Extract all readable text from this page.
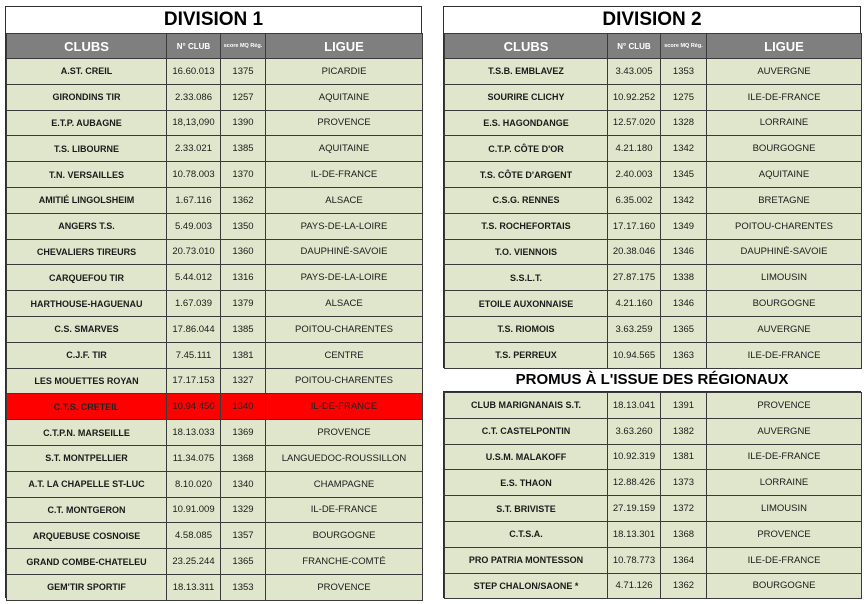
DIVISION 1
CLUBS	N° CLUB	score MQ Rég.	LIGUE
A.ST. CREIL	16.60.013	1375	PICARDIE
GIRONDINS TIR	2.33.086	1257	AQUITAINE
E.T.P. AUBAGNE	18,13,090	1390	PROVENCE
T.S. LIBOURNE	2.33.021	1385	AQUITAINE
T.N. VERSAILLES	10.78.003	1370	IL-DE-FRANCE
AMITIÉ LINGOLSHEIM	1.67.116	1362	ALSACE
ANGERS T.S.	5.49.003	1350	PAYS-DE-LA-LOIRE
CHEVALIERS TIREURS	20.73.010	1360	DAUPHINÉ-SAVOIE
CARQUEFOU TIR	5.44.012	1316	PAYS-DE-LA-LOIRE
HARTHOUSE-HAGUENAU	1.67.039	1379	ALSACE
C.S. SMARVES	17.86.044	1385	POITOU-CHARENTES
C.J.F. TIR	7.45.111	1381	CENTRE
LES MOUETTES ROYAN	17.17.153	1327	POITOU-CHARENTES
C.T.S. CRETEIL	10.94.450	1340	IL-DE-FRANCE
C.T.P.N. MARSEILLE	18.13.033	1369	PROVENCE
S.T. MONTPELLIER	11.34.075	1368	LANGUEDOC-ROUSSILLON
A.T. LA CHAPELLE ST-LUC	8.10.020	1340	CHAMPAGNE
C.T. MONTGERON	10.91.009	1329	IL-DE-FRANCE
ARQUEBUSE COSNOISE	4.58.085	1357	BOURGOGNE
GRAND COMBE-CHATELEU	23.25.244	1365	FRANCHE-COMTÉ
GEM'TIR SPORTIF	18.13.311	1353	PROVENCE
DIVISION 2
CLUBS	N° CLUB	score MQ Rég.	LIGUE
T.S.B. EMBLAVEZ	3.43.005	1353	AUVERGNE
SOURIRE CLICHY	10.92.252	1275	ILE-DE-FRANCE
E.S. HAGONDANGE	12.57.020	1328	LORRAINE
C.T.P. CÔTE D'OR	4.21.180	1342	BOURGOGNE
T.S. CÔTE D'ARGENT	2.40.003	1345	AQUITAINE
C.S.G. RENNES	6.35.002	1342	BRETAGNE
T.S. ROCHEFORTAIS	17.17.160	1349	POITOU-CHARENTES
T.O. VIENNOIS	20.38.046	1346	DAUPHINÉ-SAVOIE
S.S.L.T.	27.87.175	1338	LIMOUSIN
ETOILE AUXONNAISE	4.21.160	1346	BOURGOGNE
T.S. RIOMOIS	3.63.259	1365	AUVERGNE
T.S. PERREUX	10.94.565	1363	ILE-DE-FRANCE
PROMUS À L'ISSUE DES RÉGIONAUX
CLUB MARIGNANAIS S.T.	18.13.041	1391	PROVENCE
C.T. CASTELPONTIN	3.63.260	1382	AUVERGNE
U.S.M. MALAKOFF	10.92.319	1381	ILE-DE-FRANCE
E.S. THAON	12.88.426	1373	LORRAINE
S.T. BRIVISTE	27.19.159	1372	LIMOUSIN
C.T.S.A.	18.13.301	1368	PROVENCE
PRO PATRIA MONTESSON	10.78.773	1364	ILE-DE-FRANCE
STEP CHALON/SAONE *	4.71.126	1362	BOURGOGNE
